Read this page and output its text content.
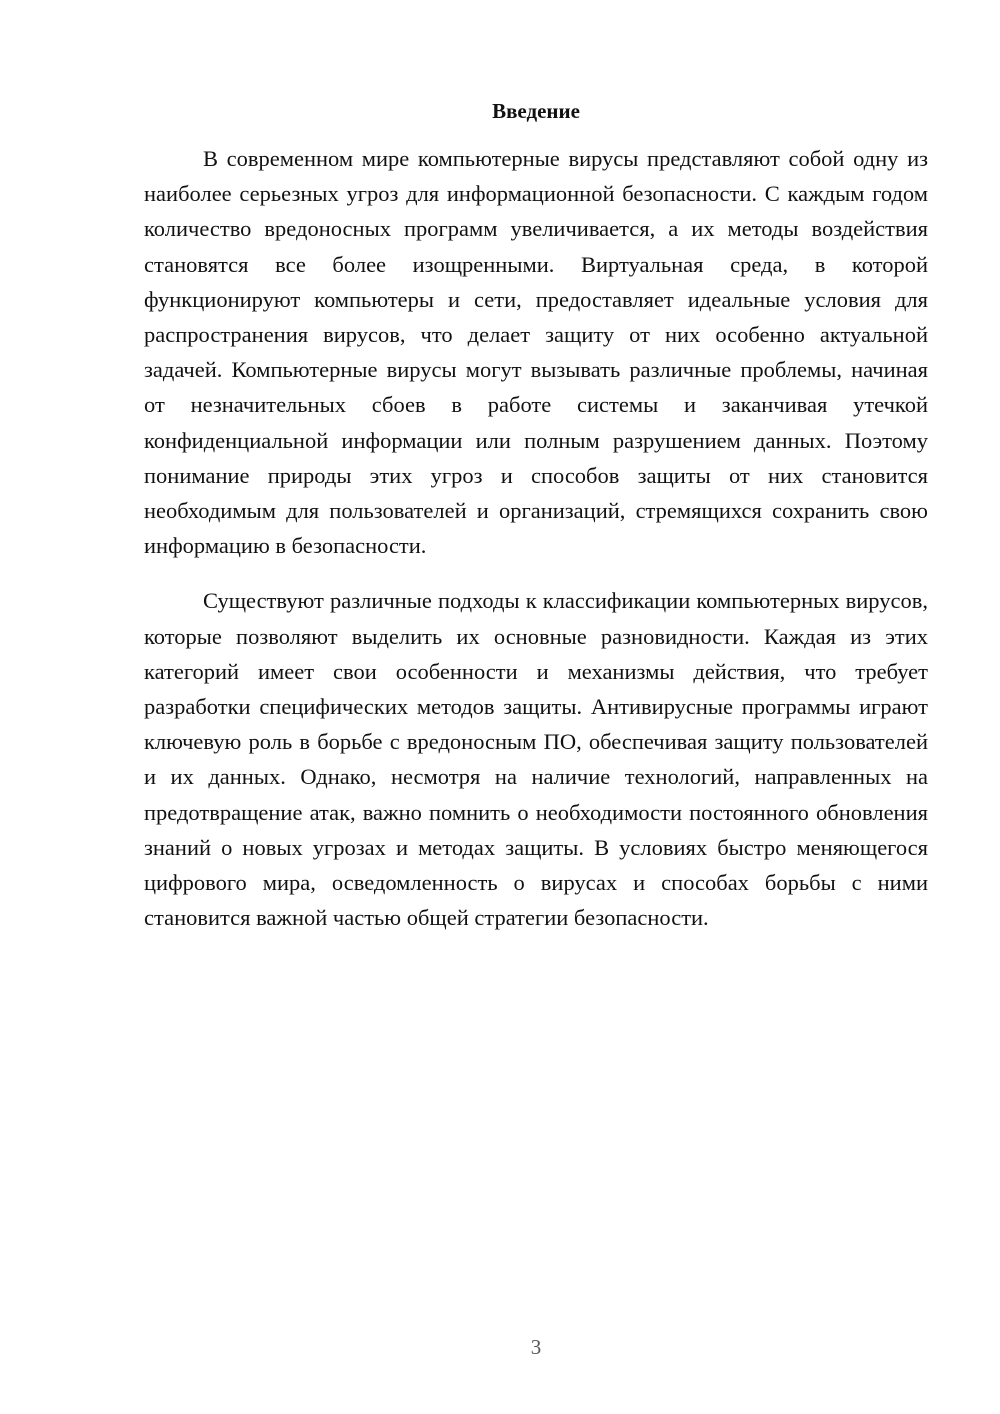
Введение

В современном мире компьютерные вирусы представляют собой одну из наиболее серьезных угроз для информационной безопасности. С каждым годом количество вредоносных программ увеличивается, а их методы воздействия становятся все более изощренными. Виртуальная среда, в которой функционируют компьютеры и сети, предоставляет идеальные условия для распространения вирусов, что делает защиту от них особенно актуальной задачей. Компьютерные вирусы могут вызывать различные проблемы, начиная от незначительных сбоев в работе системы и заканчивая утечкой конфиденциальной информации или полным разрушением данных. Поэтому понимание природы этих угроз и способов защиты от них становится необходимым для пользователей и организаций, стремящихся сохранить свою информацию в безопасности.

Существуют различные подходы к классификации компьютерных вирусов, которые позволяют выделить их основные разновидности. Каждая из этих категорий имеет свои особенности и механизмы действия, что требует разработки специфических методов защиты. Антивирусные программы играют ключевую роль в борьбе с вредоносным ПО, обеспечивая защиту пользователей и их данных. Однако, несмотря на наличие технологий, направленных на предотвращение атак, важно помнить о необходимости постоянного обновления знаний о новых угрозах и методах защиты. В условиях быстро меняющегося цифрового мира, осведомленность о вирусах и способах борьбы с ними становится важной частью общей стратегии безопасности.

3
